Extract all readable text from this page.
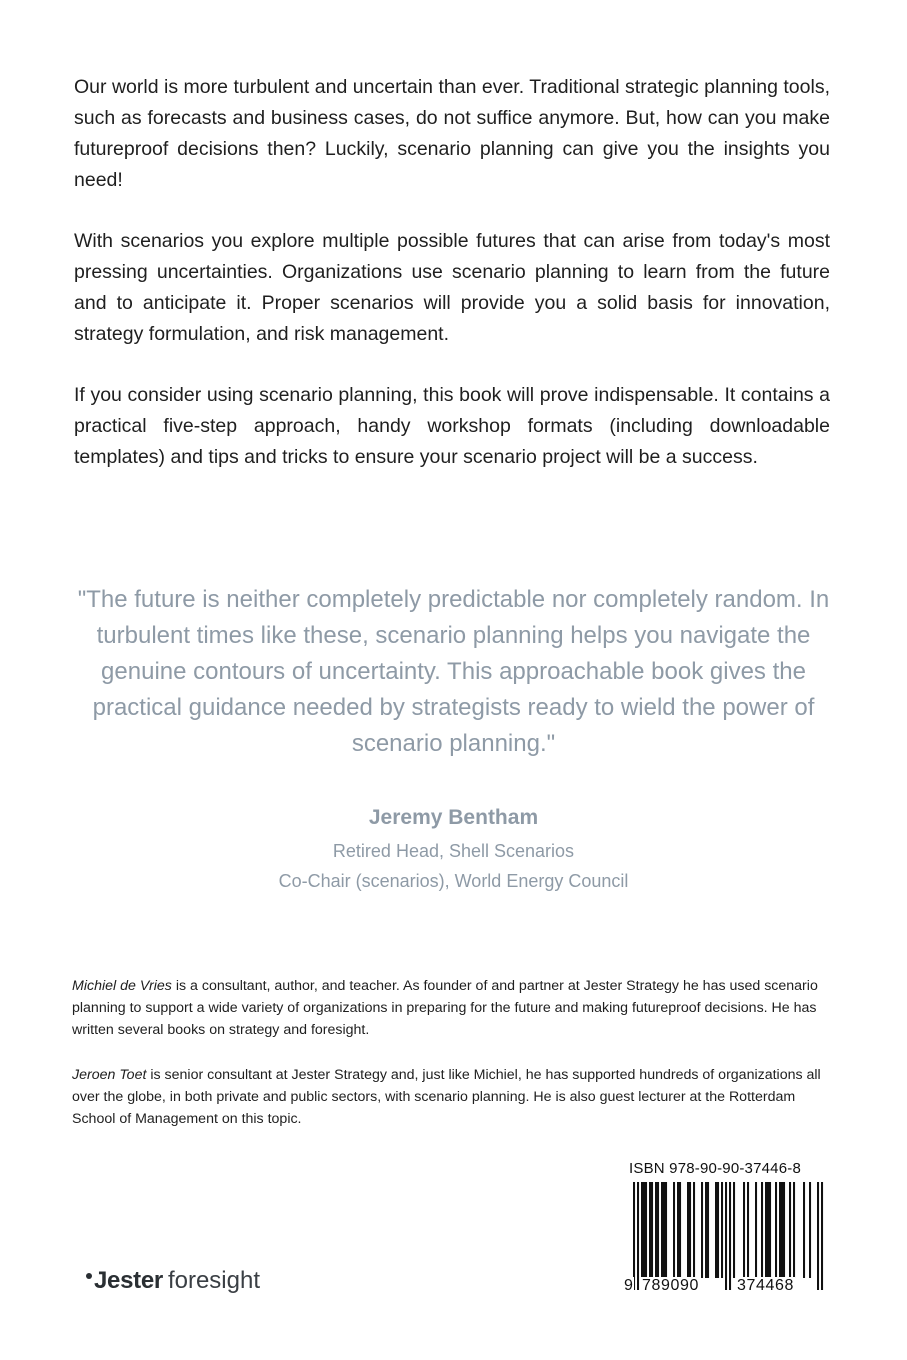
Our world is more turbulent and uncertain than ever. Traditional strategic planning tools, such as forecasts and business cases, do not suffice anymore. But, how can you make futureproof decisions then? Luckily, scenario planning can give you the insights you need!

With scenarios you explore multiple possible futures that can arise from today's most pressing uncertainties. Organizations use scenario planning to learn from the future and to anticipate it. Proper scenarios will provide you a solid basis for innovation, strategy formulation, and risk management.

If you consider using scenario planning, this book will prove indispensable. It contains a practical five-step approach, handy workshop formats (including downloadable templates) and tips and tricks to ensure your scenario project will be a success.

"The future is neither completely predictable nor completely random. In turbulent times like these, scenario planning helps you navigate the genuine contours of uncertainty. This approachable book gives the practical guidance needed by strategists ready to wield the power of scenario planning."

Jeremy Bentham

Retired Head, Shell Scenarios
Co-Chair (scenarios), World Energy Council

Michiel de Vries is a consultant, author, and teacher. As founder of and partner at Jester Strategy he has used scenario planning to support a wide variety of organizations in preparing for the future and making futureproof decisions. He has written several books on strategy and foresight.

Jeroen Toet is senior consultant at Jester Strategy and, just like Michiel, he has supported hundreds of organizations all over the globe, in both private and public sectors, with scenario planning. He is also guest lecturer at the Rotterdam School of Management on this topic.

ISBN 978-90-90-37446-8
9 789090 374468
Jester foresight
